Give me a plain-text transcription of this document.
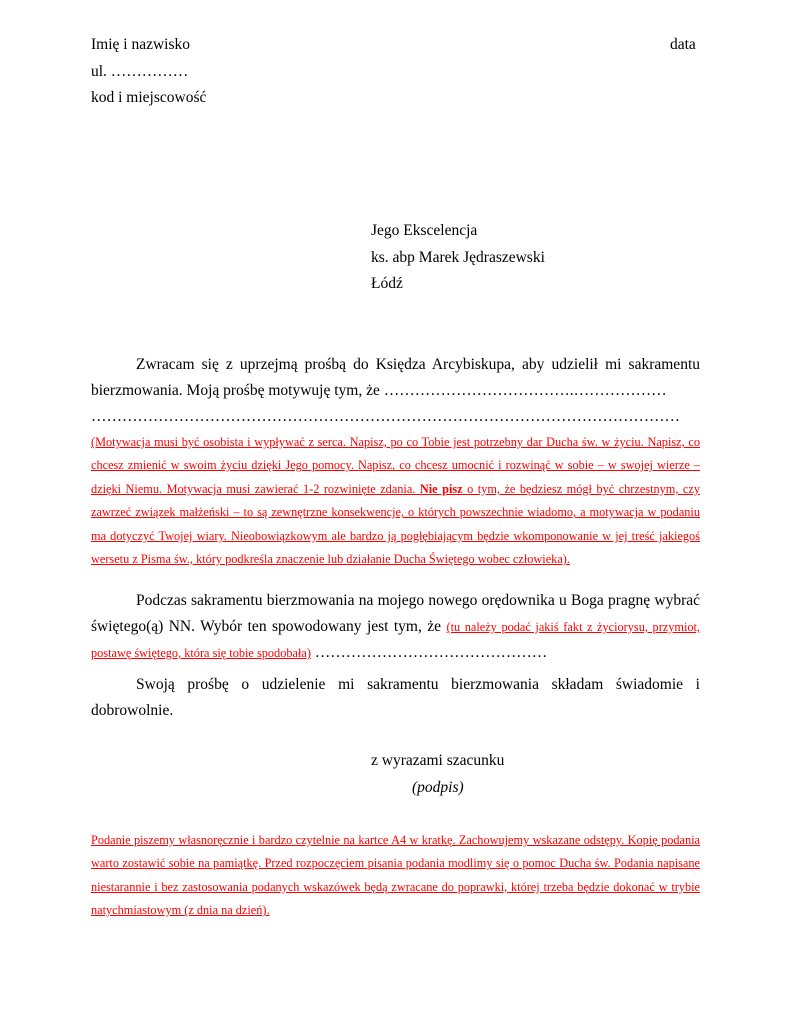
Imię i nazwisko	data
ul. ……………
kod i miejscowość
Jego Ekscelencja
ks. abp Marek Jędraszewski
Łódź
Zwracam się z uprzejmą prośbą do Księdza Arcybiskupa, aby udzielił mi sakramentu bierzmowania. Moją prośbę motywuję tym, że ……………………………….………………
……………………………………………………………………………………………………
(Motywacja musi być osobista i wypływać z serca. Napisz, po co Tobie jest potrzebny dar Ducha św. w życiu. Napisz, co chcesz zmienić w swoim życiu dzięki Jego pomocy. Napisz, co chcesz umocnić i rozwinąć w sobie – w swojej wierze – dzięki Niemu. Motywacja musi zawierać 1-2 rozwinięte zdania. Nie pisz o tym, że będziesz mógł być chrzestnym, czy zawrzeć związek małżeński – to są zewnętrzne konsekwencje, o których powszechnie wiadomo, a motywacja w podaniu ma dotyczyć Twojej wiary. Nieobowiązkowym ale bardzo ją pogłębiającym będzie wkomponowanie w jej treść jakiegoś wersetu z Pisma św., który podkreśla znaczenie lub działanie Ducha Świętego wobec człowieka).
Podczas sakramentu bierzmowania na mojego nowego orędownika u Boga pragnę wybrać świętego(ą) NN. Wybór ten spowodowany jest tym, że (tu należy podać jakiś fakt z życiorysu, przymiot, postawę świętego, która się tobie spodobała) ………………………………………
Swoją prośbę o udzielenie mi sakramentu bierzmowania składam świadomie i dobrowolnie.
z wyrazami szacunku
(podpis)
Podanie piszemy własnoręcznie i bardzo czytelnie na kartce A4 w kratkę. Zachowujemy wskazane odstępy. Kopię podania warto zostawić sobie na pamiątkę. Przed rozpoczęciem pisania podania modlimy się o pomoc Ducha św. Podania napisane niestarannie i bez zastosowania podanych wskazówek będą zwracane do poprawki, której trzeba będzie dokonać w trybie natychmiastowym (z dnia na dzień).
